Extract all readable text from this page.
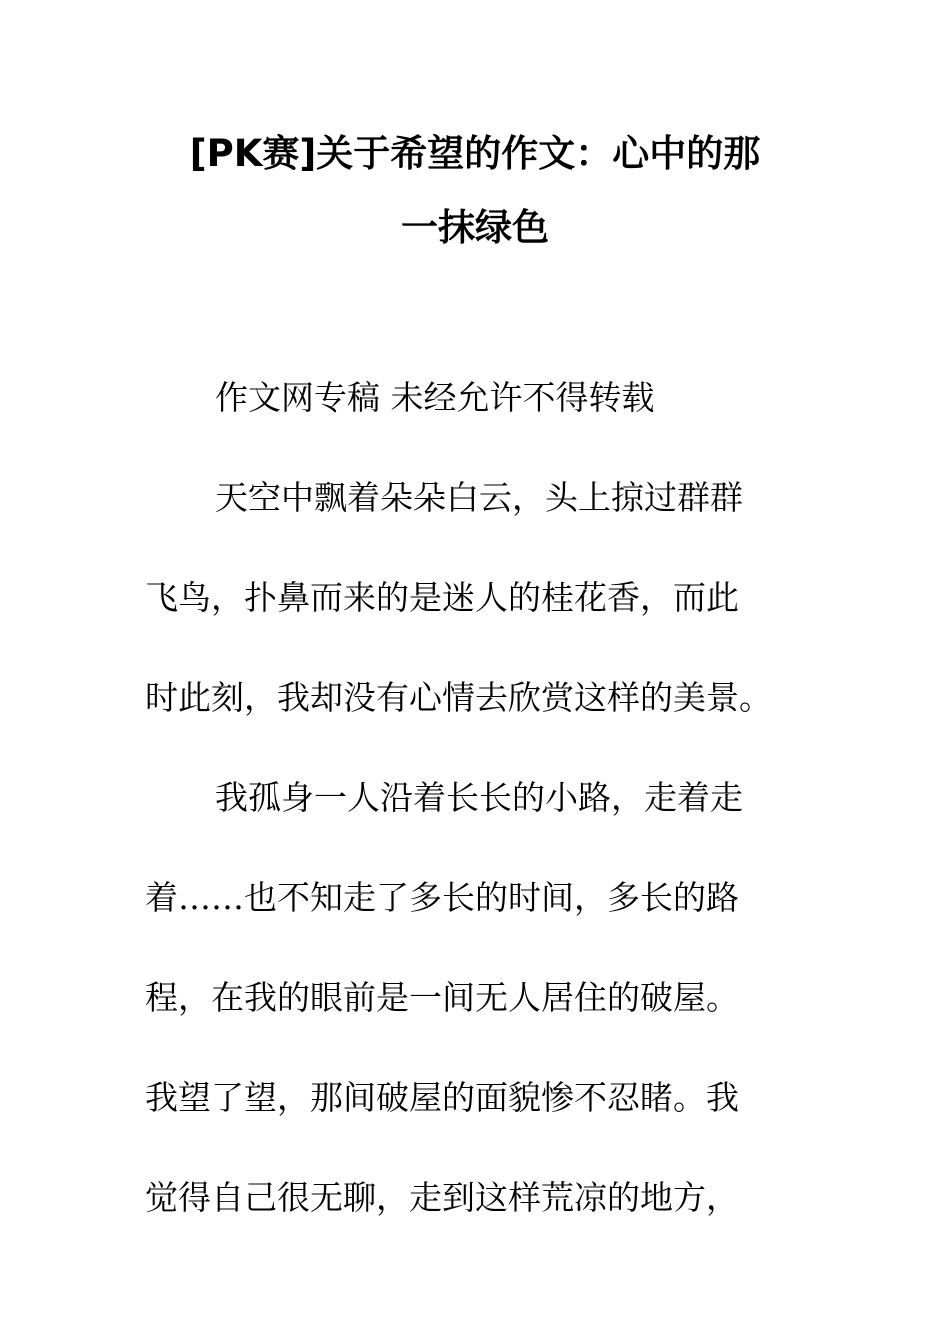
[PK赛]关于希望的作文：心中的那
一抹绿色
作文网专稿 未经允许不得转载
天空中飘着朵朵白云，头上掠过群群
飞鸟，扑鼻而来的是迷人的桂花香，而此
时此刻，我却没有心情去欣赏这样的美景。
我孤身一人沿着长长的小路，走着走
着……也不知走了多长的时间，多长的路
程，在我的眼前是一间无人居住的破屋。
我望了望，那间破屋的面貌惨不忍睹。我
觉得自己很无聊，走到这样荒凉的地方，
